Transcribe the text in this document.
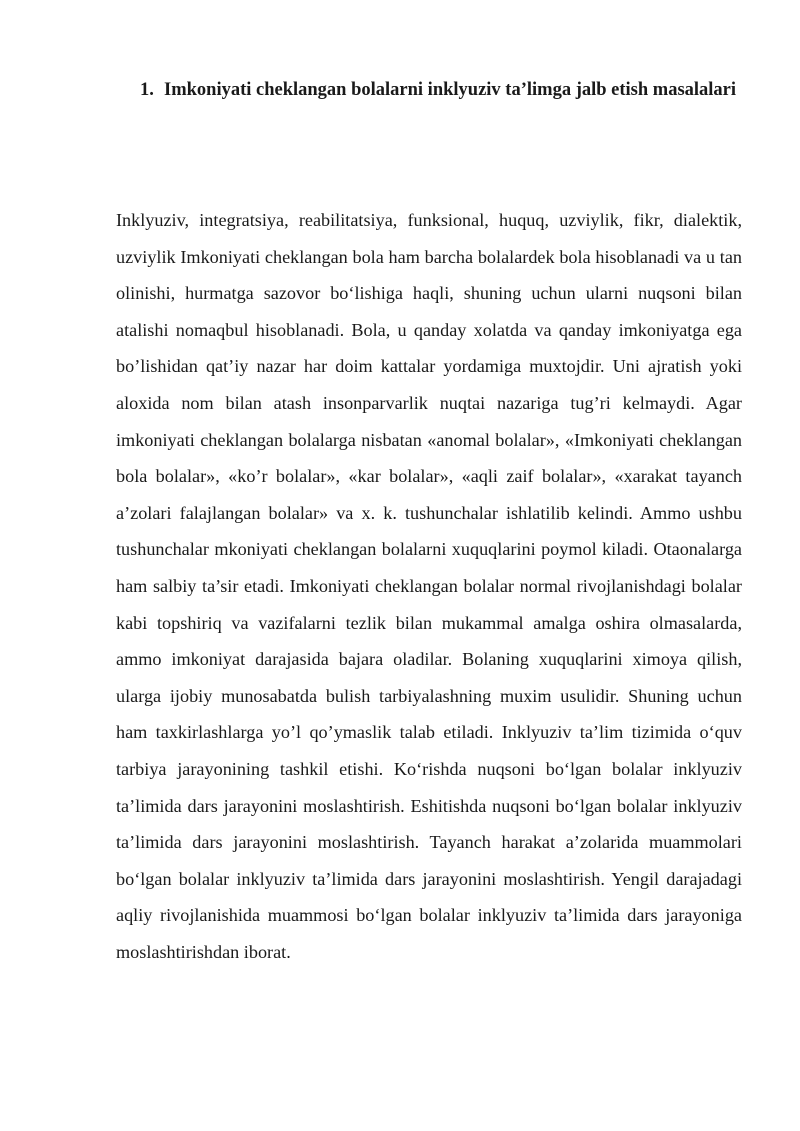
1. Imkoniyati cheklangan bolalarni inklyuziv ta’limga jalb etish masalalari

Inklyuziv, integratsiya, reabilitatsiya, funksional, huquq, uzviylik, fikr, dialektik, uzviylik Imkoniyati cheklangan bola ham barcha bolalardek bola hisoblanadi va u tan olinishi, hurmatga sazovor bo‘lishiga haqli, shuning uchun ularni nuqsoni bilan atalishi nomaqbul hisoblanadi. Bola, u qanday xolatda va qanday imkoniyatga ega bo’lishidan qat’iy nazar har doim kattalar yordamiga muxtojdir. Uni ajratish yoki aloxida nom bilan atash insonparvarlik nuqtai nazariga tug’ri kelmaydi. Agar imkoniyati cheklangan bolalarga nisbatan «anomal bolalar», «Imkoniyati cheklangan bola bolalar», «ko’r bolalar», «kar bolalar», «aqli zaif bolalar», «xarakat tayanch a’zolari falajlangan bolalar» va x. k. tushunchalar ishlatilib kelindi. Ammo ushbu tushunchalar mkoniyati cheklangan bolalarni xuquqlarini poymol kiladi. Otaonalarga ham salbiy ta’sir etadi. Imkoniyati cheklangan bolalar normal rivojlanishdagi bolalar kabi topshiriq va vazifalarni tezlik bilan mukammal amalga oshira olmasalarda, ammo imkoniyat darajasida bajara oladilar. Bolaning xuquqlarini ximoya qilish, ularga ijobiy munosabatda bulish tarbiyalashning muxim usulidir. Shuning uchun ham taxkirlashlarga yo’l qo’ymaslik talab etiladi. Inklyuziv ta’lim tizimida o‘quv tarbiya jarayonining tashkil etishi. Ko‘rishda nuqsoni bo‘lgan bolalar inklyuziv ta’limida dars jarayonini moslashtirish. Eshitishda nuqsoni bo‘lgan bolalar inklyuziv ta’limida dars jarayonini moslashtirish. Tayanch harakat a’zolarida muammolari bo‘lgan bolalar inklyuziv ta’limida dars jarayonini moslashtirish. Yengil darajadagi aqliy rivojlanishida muammosi bo‘lgan bolalar inklyuziv ta’limida dars jarayoniga moslashtirishdan iborat.
